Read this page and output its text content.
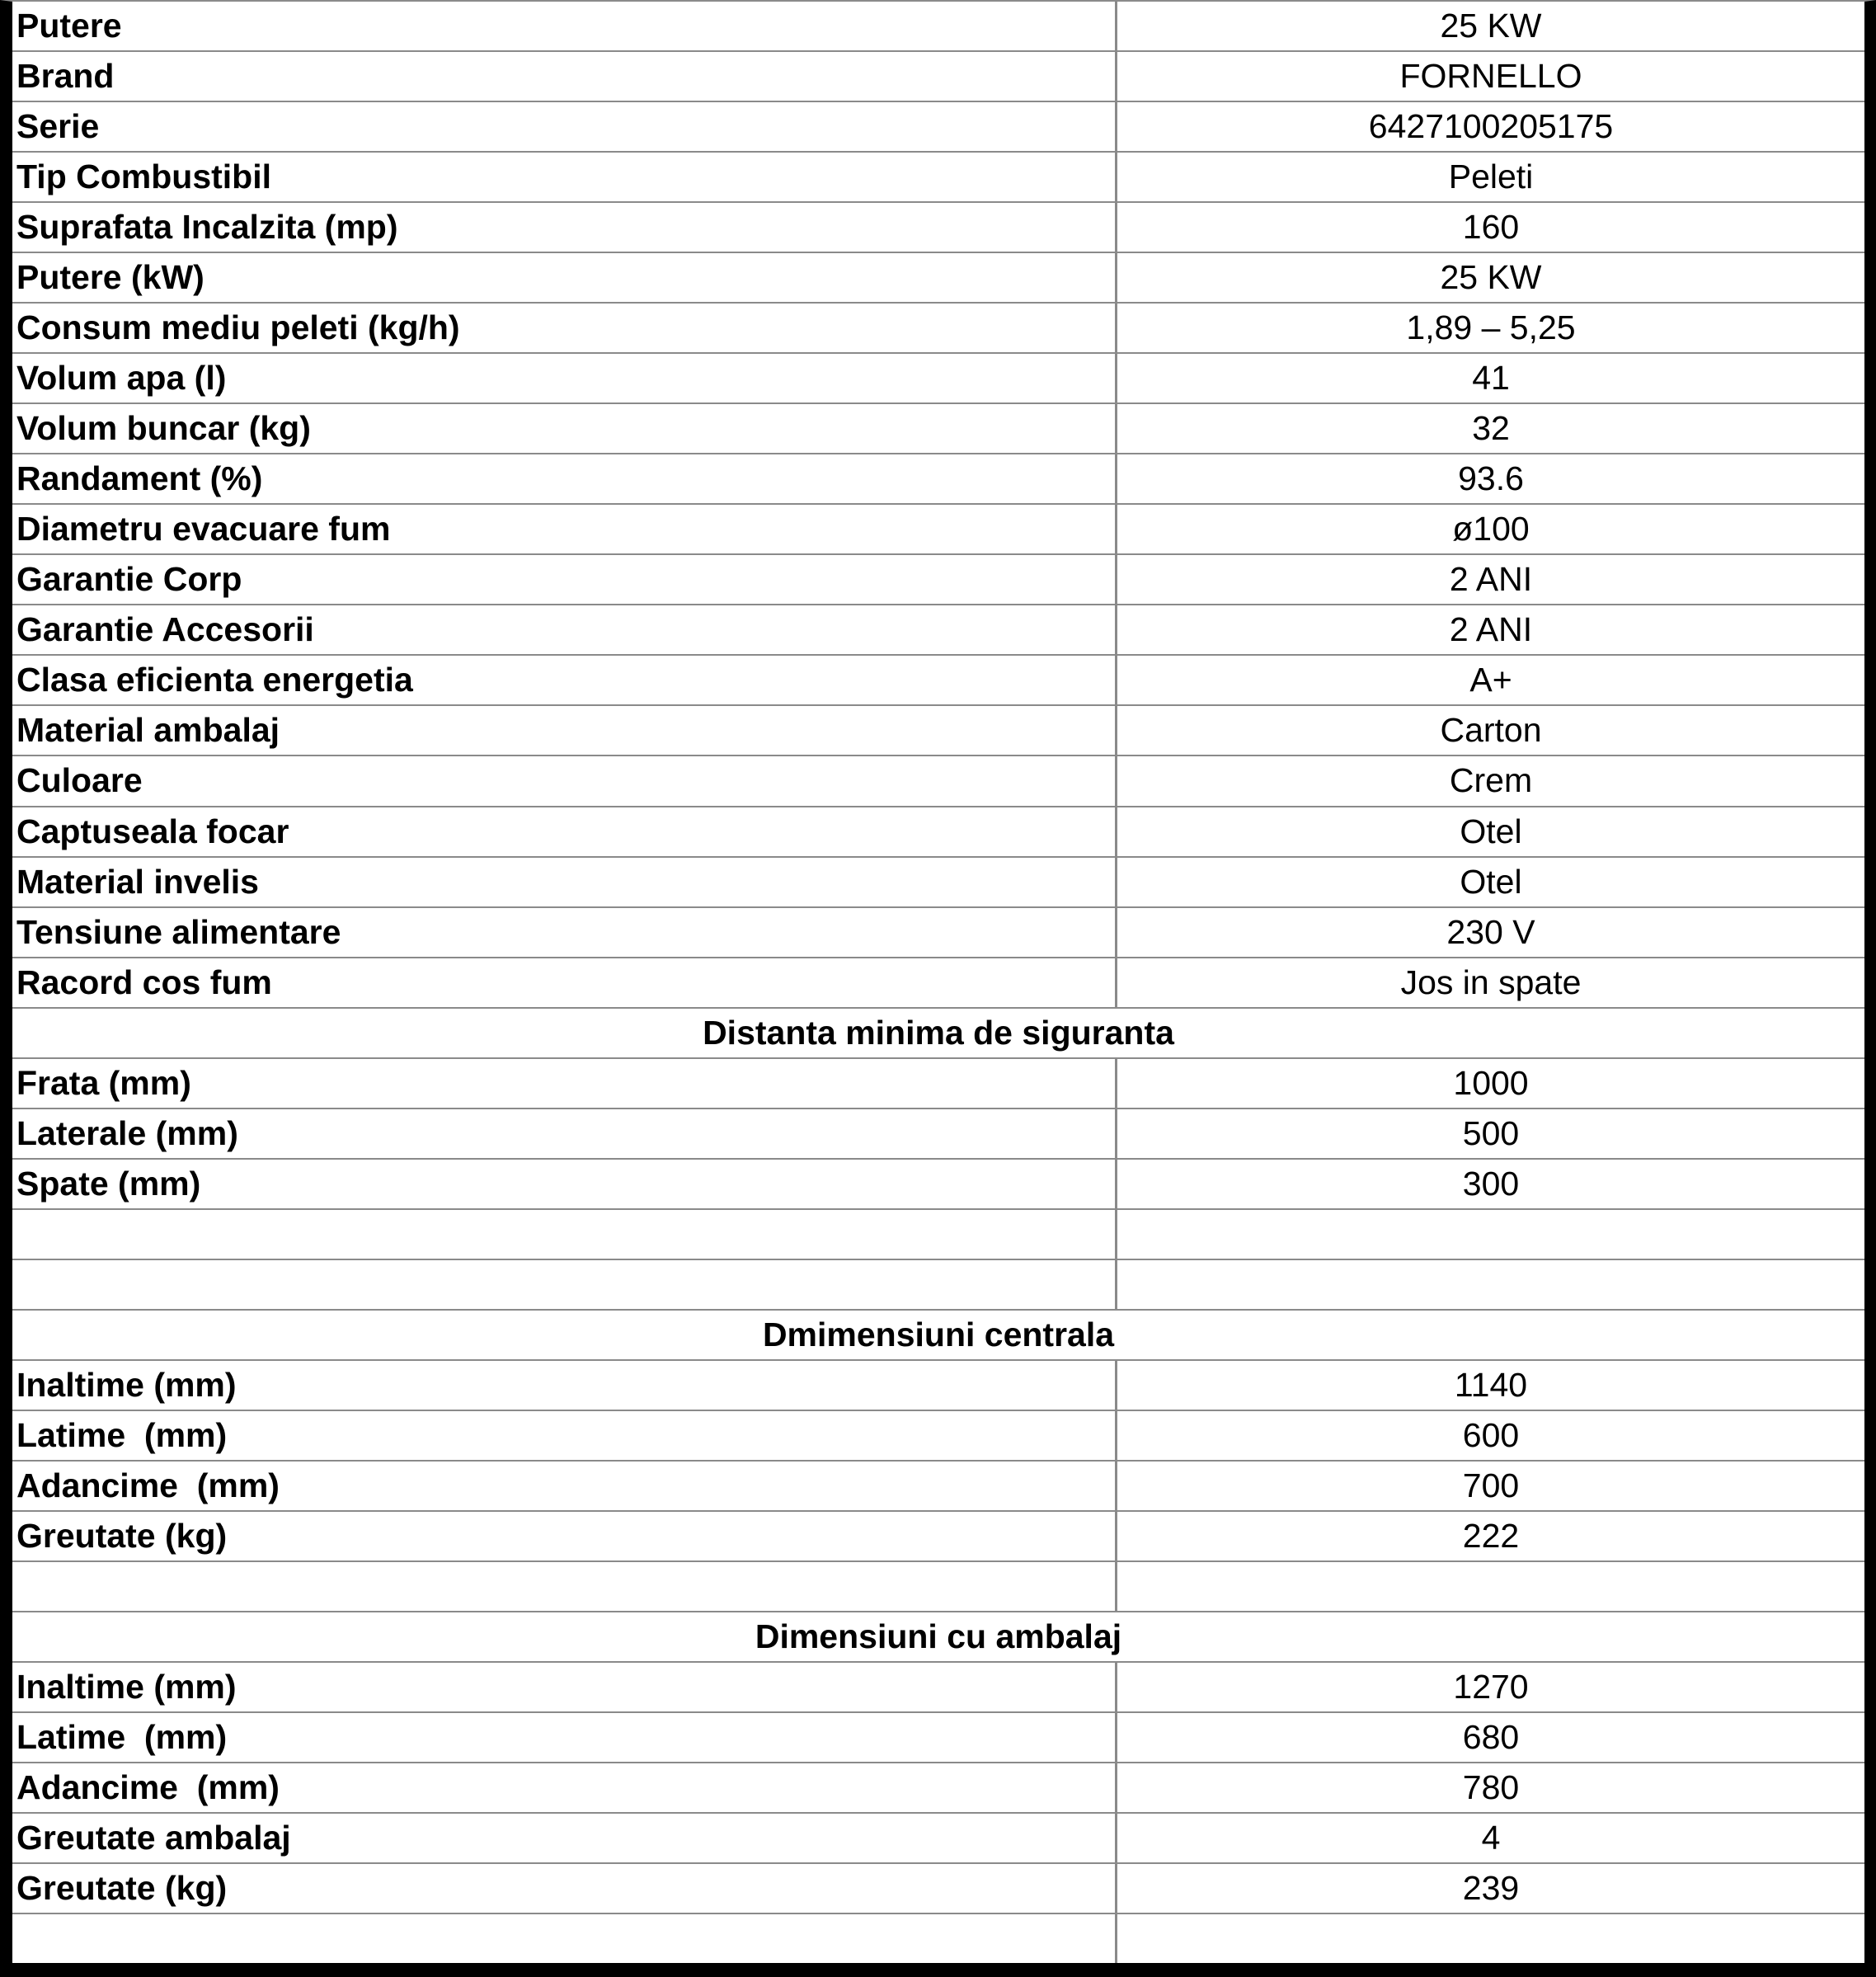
Putere	25 KW
Brand	FORNELLO
Serie	6427100205175
Tip Combustibil	Peleti
Suprafata Incalzita (mp)	160
Putere (kW)	25 KW
Consum mediu peleti (kg/h)	1,89 – 5,25
Volum apa (l)	41
Volum buncar (kg)	32
Randament (%)	93.6
Diametru evacuare fum	ø100
Garantie Corp	2 ANI
Garantie Accesorii	2 ANI
Clasa eficienta energetia	A+
Material ambalaj	Carton
Culoare	Crem
Captuseala focar	Otel
Material invelis	Otel
Tensiune alimentare	230 V
Racord cos fum	Jos in spate
Distanta minima de siguranta
Frata (mm)	1000
Laterale (mm)	500
Spate (mm)	300
Dmimensiuni centrala
Inaltime (mm)	1140
Latime  (mm)	600
Adancime  (mm)	700
Greutate (kg)	222
Dimensiuni cu ambalaj
Inaltime (mm)	1270
Latime  (mm)	680
Adancime  (mm)	780
Greutate ambalaj	4
Greutate (kg)	239
